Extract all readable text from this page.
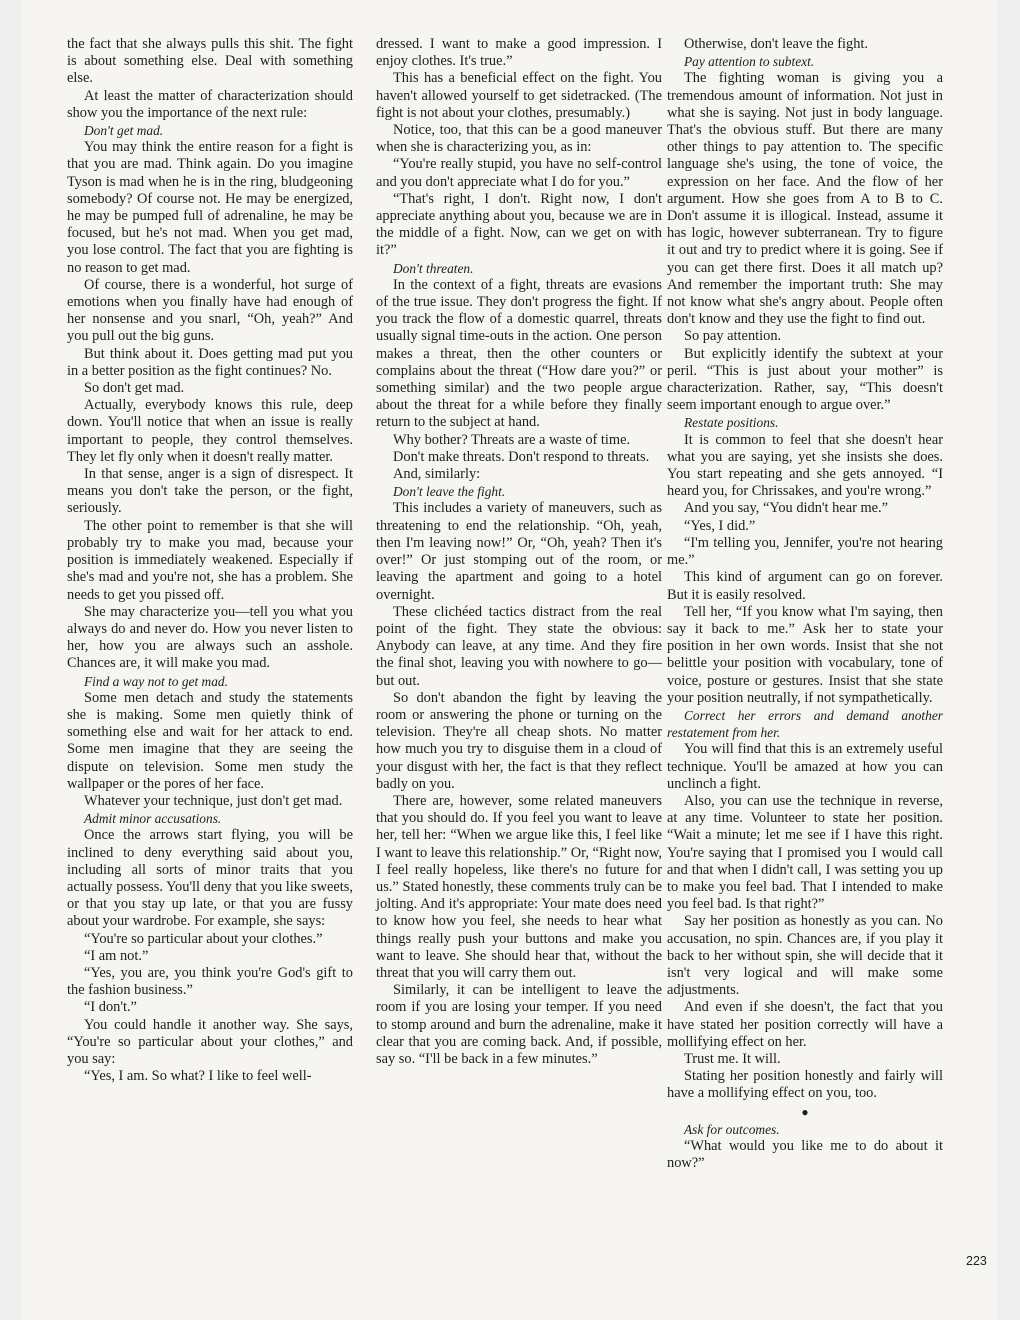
the fact that she always pulls this shit. The fight is about something else. Deal with something else.

At least the matter of characterization should show you the importance of the next rule:

Don't get mad.

You may think the entire reason for a fight is that you are mad. Think again. Do you imagine Tyson is mad when he is in the ring, bludgeoning somebody? Of course not. He may be energized, he may be pumped full of adrenaline, he may be focused, but he's not mad. When you get mad, you lose control. The fact that you are fighting is no reason to get mad.

Of course, there is a wonderful, hot surge of emotions when you finally have had enough of her nonsense and you snarl, “Oh, yeah?” And you pull out the big guns.

But think about it. Does getting mad put you in a better position as the fight continues? No.

So don't get mad.

Actually, everybody knows this rule, deep down. You'll notice that when an issue is really important to people, they control themselves. They let fly only when it doesn't really matter.

In that sense, anger is a sign of disrespect. It means you don't take the person, or the fight, seriously.

The other point to remember is that she will probably try to make you mad, because your position is immediately weakened. Especially if she's mad and you're not, she has a problem. She needs to get you pissed off.

She may characterize you—tell you what you always do and never do. How you never listen to her, how you are always such an asshole. Chances are, it will make you mad.

Find a way not to get mad.

Some men detach and study the statements she is making. Some men quietly think of something else and wait for her attack to end. Some men imagine that they are seeing the dispute on television. Some men study the wallpaper or the pores of her face.

Whatever your technique, just don't get mad.

Admit minor accusations.

Once the arrows start flying, you will be inclined to deny everything said about you, including all sorts of minor traits that you actually possess. You'll deny that you like sweets, or that you stay up late, or that you are fussy about your wardrobe. For example, she says:

“You're so particular about your clothes.”

“I am not.”

“Yes, you are, you think you're God's gift to the fashion business.”

“I don't.”

You could handle it another way. She says, “You're so particular about your clothes,” and you say:

“Yes, I am. So what? I like to feel well-

dressed. I want to make a good impression. I enjoy clothes. It's true.”

This has a beneficial effect on the fight. You haven't allowed yourself to get sidetracked. (The fight is not about your clothes, presumably.)

Notice, too, that this can be a good maneuver when she is characterizing you, as in:

“You're really stupid, you have no self-control and you don't appreciate what I do for you.”

“That's right, I don't. Right now, I don't appreciate anything about you, because we are in the middle of a fight. Now, can we get on with it?”

Don't threaten.

In the context of a fight, threats are evasions of the true issue. They don't progress the fight. If you track the flow of a domestic quarrel, threats usually signal time-outs in the action. One person makes a threat, then the other counters or complains about the threat (“How dare you?” or something similar) and the two people argue about the threat for a while before they finally return to the subject at hand.

Why bother? Threats are a waste of time.

Don't make threats. Don't respond to threats.

And, similarly:

Don't leave the fight.

This includes a variety of maneuvers, such as threatening to end the relationship. “Oh, yeah, then I'm leaving now!” Or, “Oh, yeah? Then it's over!” Or just stomping out of the room, or leaving the apartment and going to a hotel overnight.

These clichéed tactics distract from the real point of the fight. They state the obvious: Anybody can leave, at any time. And they fire the final shot, leaving you with nowhere to go—but out.

So don't abandon the fight by leaving the room or answering the phone or turning on the television. They're all cheap shots. No matter how much you try to disguise them in a cloud of your disgust with her, the fact is that they reflect badly on you.

There are, however, some related maneuvers that you should do. If you feel you want to leave her, tell her: “When we argue like this, I feel like I want to leave this relationship.” Or, “Right now, I feel really hopeless, like there's no future for us.” Stated honestly, these comments truly can be jolting. And it's appropriate: Your mate does need to know how you feel, she needs to hear what things really push your buttons and make you want to leave. She should hear that, without the threat that you will carry them out.

Similarly, it can be intelligent to leave the room if you are losing your temper. If you need to stomp around and burn the adrenaline, make it clear that you are coming back. And, if possible, say so. “I'll be back in a few minutes.”

Otherwise, don't leave the fight.

Pay attention to subtext.

The fighting woman is giving you a tremendous amount of information. Not just in what she is saying. Not just in body language. That's the obvious stuff. But there are many other things to pay attention to. The specific language she's using, the tone of voice, the expression on her face. And the flow of her argument. How she goes from A to B to C. Don't assume it is illogical. Instead, assume it has logic, however subterranean. Try to figure it out and try to predict where it is going. See if you can get there first. Does it all match up? And remember the important truth: She may not know what she's angry about. People often don't know and they use the fight to find out.

So pay attention.

But explicitly identify the subtext at your peril. “This is just about your mother” is characterization. Rather, say, “This doesn't seem important enough to argue over.”

Restate positions.

It is common to feel that she doesn't hear what you are saying, yet she insists she does. You start repeating and she gets annoyed. “I heard you, for Chrissakes, and you're wrong.”

And you say, “You didn't hear me.”

“Yes, I did.”

“I'm telling you, Jennifer, you're not hearing me.”

This kind of argument can go on forever. But it is easily resolved.

Tell her, “If you know what I'm saying, then say it back to me.” Ask her to state your position in her own words. Insist that she not belittle your position with vocabulary, tone of voice, posture or gestures. Insist that she state your position neutrally, if not sympathetically.

Correct her errors and demand another restatement from her.

You will find that this is an extremely useful technique. You'll be amazed at how you can unclinch a fight.

Also, you can use the technique in reverse, at any time. Volunteer to state her position. “Wait a minute; let me see if I have this right. You're saying that I promised you I would call and that when I didn't call, I was setting you up to make you feel bad. That I intended to make you feel bad. Is that right?”

Say her position as honestly as you can. No accusation, no spin. Chances are, if you play it back to her without spin, she will decide that it isn't very logical and will make some adjustments.

And even if she doesn't, the fact that you have stated her position correctly will have a mollifying effect on her.

Trust me. It will.

Stating her position honestly and fairly will have a mollifying effect on you, too.

●

Ask for outcomes.

“What would you like me to do about it now?”

223
